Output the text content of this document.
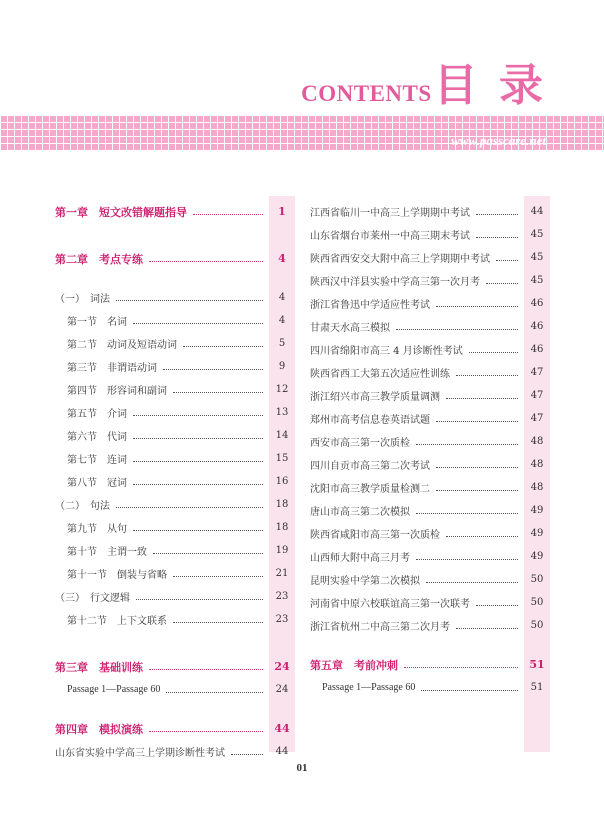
CONTENTS 目 录
www.passcare.net
第一章　短文改错解题指导	1
第二章　考点专练	4
（一）　词法	4
第一节　名词	4
第二节　动词及短语动词	5
第三节　非谓语动词	9
第四节　形容词和副词	12
第五节　介词	13
第六节　代词	14
第七节　连词	15
第八节　冠词	16
（二）　句法	18
第九节　从句	18
第十节　主谓一致	19
第十一节　倒装与省略	21
（三）　行文逻辑	23
第十二节　上下文联系	23
第三章　基础训练	24
Passage 1—Passage 60	24
第四章　模拟演练	44
山东省实验中学高三上学期诊断性考试	44
江西省临川一中高三上学期期中考试	44
山东省烟台市莱州一中高三期末考试	45
陕西省西安交大附中高三上学期期中考试	45
陕西汉中洋县实验中学高三第一次月考	45
浙江省鲁迅中学适应性考试	46
甘肃天水高三模拟	46
四川省绵阳市高三 4 月诊断性考试	46
陕西省西工大第五次适应性训练	47
浙江绍兴市高三教学质量调测	47
郑州市高考信息卷英语试题	47
西安市高三第一次质检	48
四川自贡市高三第二次考试	48
沈阳市高三教学质量检测二	48
唐山市高三第二次模拟	49
陕西省咸阳市高三第一次质检	49
山西师大附中高三月考	49
昆明实验中学第二次模拟	50
河南省中原六校联谊高三第一次联考	50
浙江省杭州二中高三第二次月考	50
第五章　考前冲刺	51
Passage 1—Passage 60	51
01
